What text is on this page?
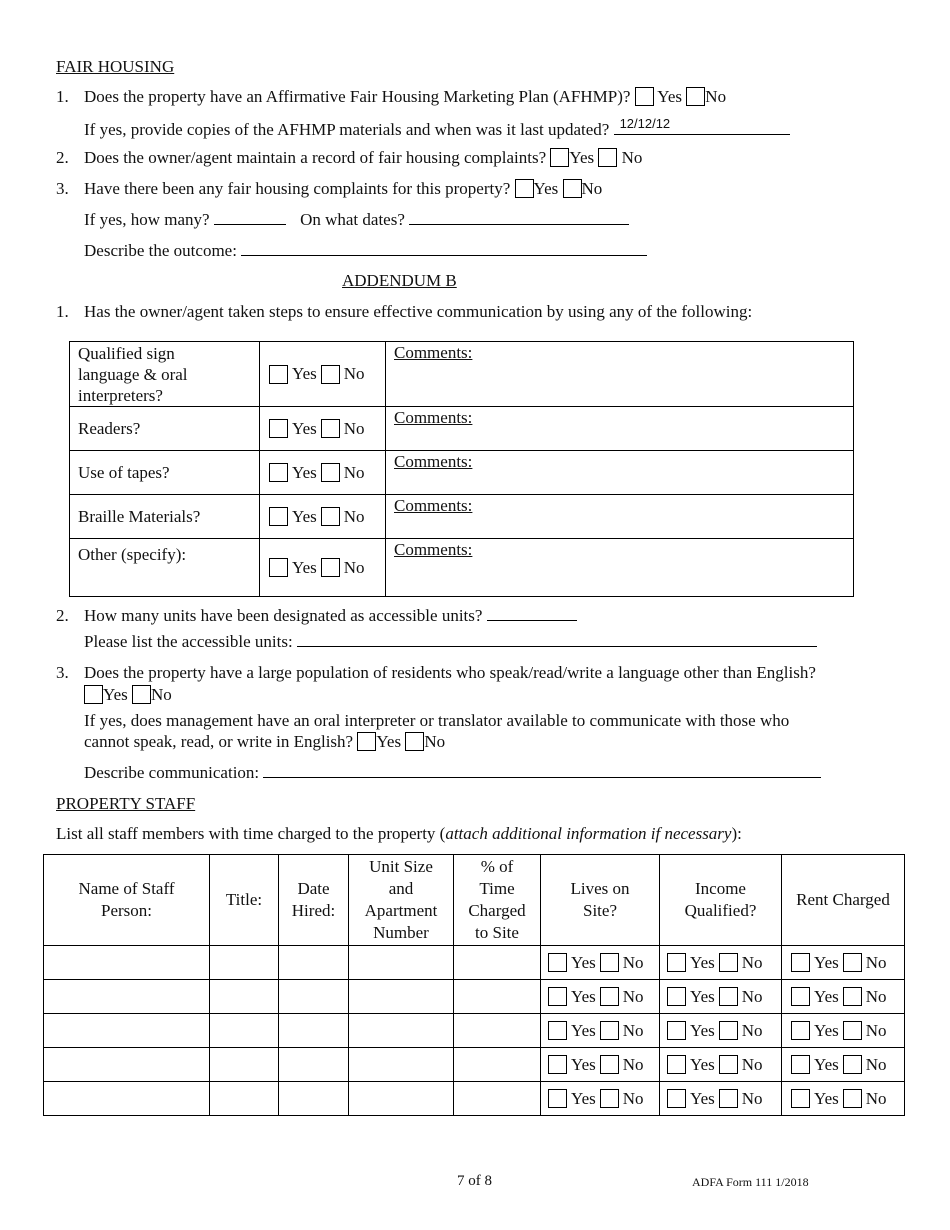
FAIR HOUSING
1. Does the property have an Affirmative Fair Housing Marketing Plan (AFHMP)? Yes No
If yes, provide copies of the AFHMP materials and when was it last updated? 12/12/12
2. Does the owner/agent maintain a record of fair housing complaints? Yes No
3. Have there been any fair housing complaints for this property? Yes No
If yes, how many?	On what dates?
Describe the outcome:
ADDENDUM B
1. Has the owner/agent taken steps to ensure effective communication by using any of the following:
Qualified sign language & oral interpreters?	Yes No	Comments:
Readers?	Yes No	Comments:
Use of tapes?	Yes No	Comments:
Braille Materials?	Yes No	Comments:
Other (specify):	Yes No	Comments:
2. How many units have been designated as accessible units?
Please list the accessible units:
3. Does the property have a large population of residents who speak/read/write a language other than English?
Yes No
If yes, does management have an oral interpreter or translator available to communicate with those who
cannot speak, read, or write in English? Yes No
Describe communication:
PROPERTY STAFF
List all staff members with time charged to the property (attach additional information if necessary):
Name of Staff Person:	Title:	Date Hired:	Unit Size and Apartment Number	% of Time Charged to Site	Lives on Site?	Income Qualified?	Rent Charged

					Yes No	Yes No	Yes No

					Yes No	Yes No	Yes No

					Yes No	Yes No	Yes No

					Yes No	Yes No	Yes No

					Yes No	Yes No	Yes No
7 of 8	ADFA Form 111 1/2018
